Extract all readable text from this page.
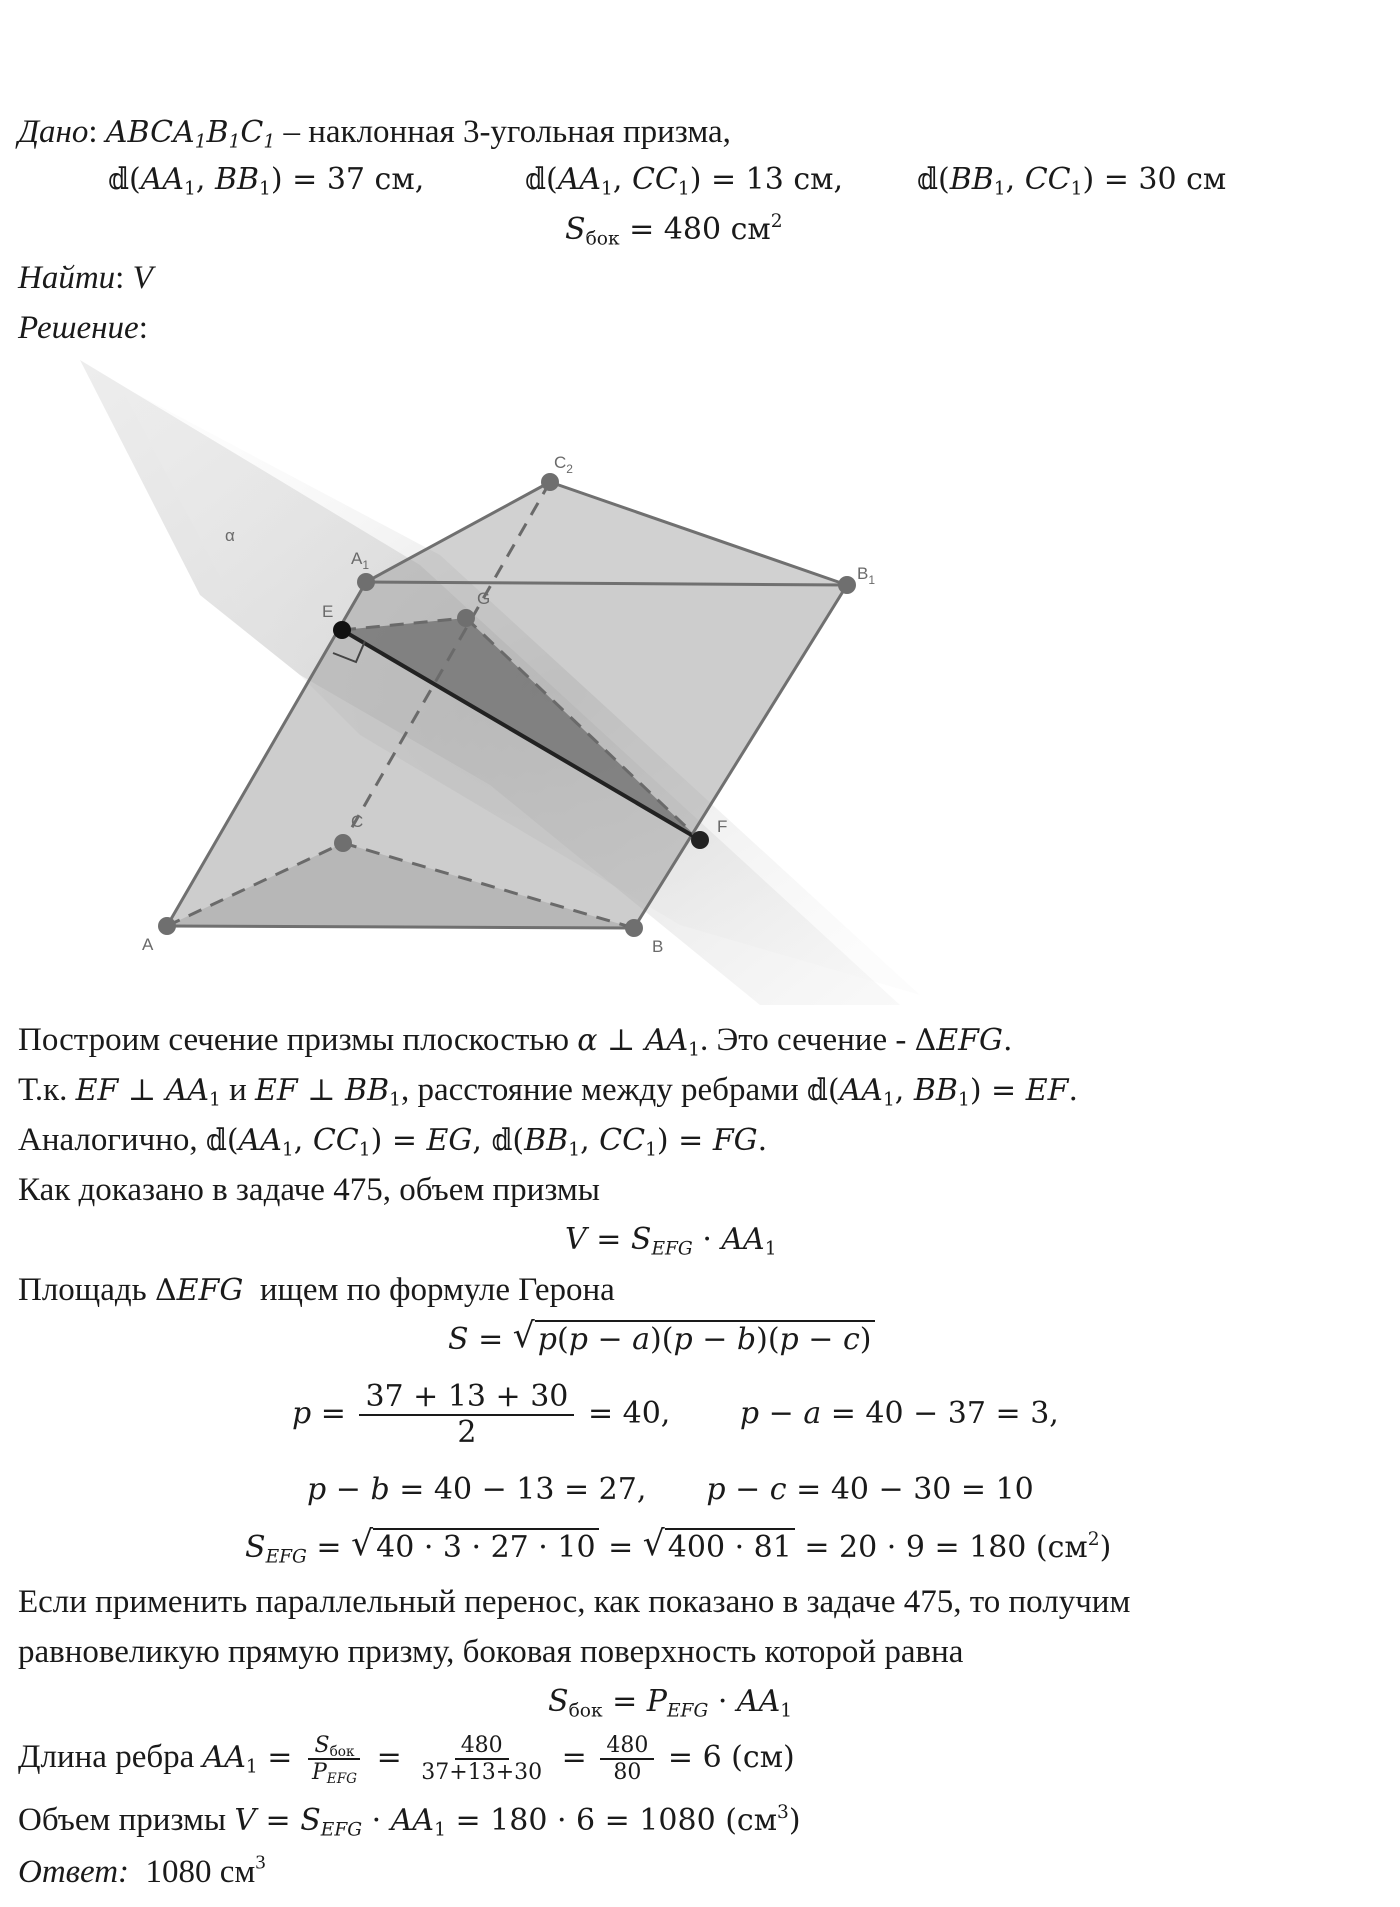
Дано: $ABCA_1B_1C_1$ – наклонная 3-угольная призма,
$𝕕(AA_1$, $BB_1) = 37$ см,	$𝕕(AA_1$, $CC_1) = 13$ см, $𝕕(BB_1$, $CC_1) = 30$ см
$S_{бок} = 480$ $см^2$
Найти: V
Решение:
α
$A_1$
$C_2$
$B_1$
E
G
F
C
A	B
Построим сечение призмы плоскостью α ⊥ $AA_1$. Это сечение - ΔEFG.
Т.к. EF ⊥ $AA_1$ и EF ⊥ $BB_1$, расстояние между ребрами $𝕕(AA_1$, $BB_1$) = EF.
Аналогично, $𝕕(AA_1$, $CC_1$) = EG, $𝕕(BB_1$, $CC_1$) = FG.
Как доказано в задаче 475, объем призмы
$V = S_{EFG} \cdot AA_1$
Площадь ΔEFG ищем по формуле Герона
S = √ p(p − a)(p − b)(p − c)
$p = \frac{37 + 13 + 30}{2} = 40$, p − a = 40 − 37 = 3,
p − b = 40 − 13 = 27, p − c = 40 − 30 = 10
$S_{EFG}$ = √ 40 · 3 · 27 · 10 = √ 400 · 81 = 20 · 9 = 180 $(см^2)$
Если применить параллельный перенос, как показано в задаче 475, то получим
равновеликую прямую призму, боковая поверхность которой равна
$S_{бок} = P_{EFG} \cdot AA_1$
Длина ребра $AA_1 = \frac{S_{бок}}{P_{EFG}} = \frac{480}{37+13+30} = \frac{480}{80} = 6$ (см)
Объем призмы $V = S_{EFG} \cdot AA_1 = 180 \cdot 6 = 1080$ $(см^3)$
Ответ: 1080 $см^3$
